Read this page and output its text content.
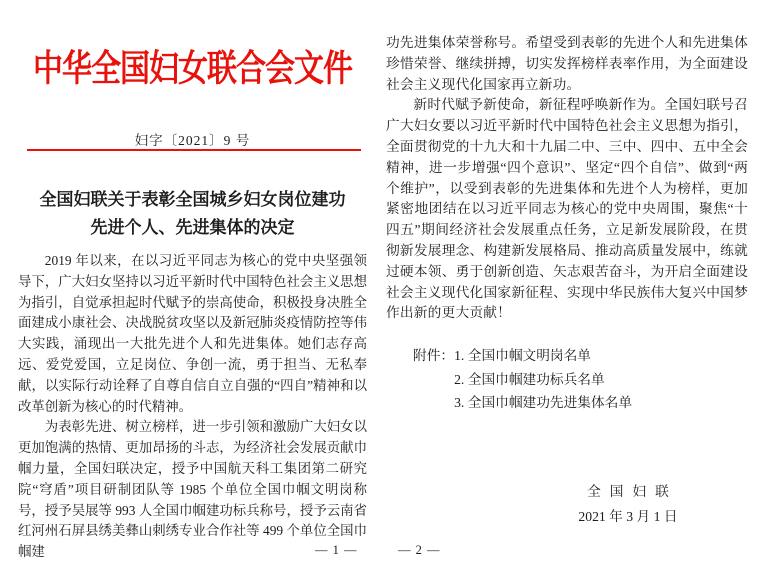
中华全国妇女联合会文件
妇字〔2021〕9 号
全国妇联关于表彰全国城乡妇女岗位建功
先进个人、先进集体的决定

2019 年以来，在以习近平同志为核心的党中央坚强领导下，广大妇女坚持以习近平新时代中国特色社会主义思想为指引，自觉承担起时代赋予的崇高使命，积极投身决胜全面建成小康社会、决战脱贫攻坚以及新冠肺炎疫情防控等伟大实践，涌现出一大批先进个人和先进集体。她们志存高远、爱党爱国，立足岗位、争创一流，勇于担当、无私奉献，以实际行动诠释了自尊自信自立自强的“四自”精神和以改革创新为核心的时代精神。

为表彰先进、树立榜样，进一步引领和激励广大妇女以更加饱满的热情、更加昂扬的斗志，为经济社会发展贡献巾帼力量，全国妇联决定，授予中国航天科工集团第二研究院“穹盾”项目研制团队等 1985 个单位全国巾帼文明岗称号，授予吴展等 993 人全国巾帼建功标兵称号，授予云南省红河州石屏县绣美彝山刺绣专业合作社等 499 个单位全国巾帼建	— 1 —

功先进集体荣誉称号。希望受到表彰的先进个人和先进集体珍惜荣誉、继续拼搏，切实发挥榜样表率作用，为全面建设社会主义现代化国家再立新功。

新时代赋予新使命，新征程呼唤新作为。全国妇联号召广大妇女要以习近平新时代中国特色社会主义思想为指引，全面贯彻党的十九大和十九届二中、三中、四中、五中全会精神，进一步增强“四个意识”、坚定“四个自信”、做到“两个维护”，以受到表彰的先进集体和先进个人为榜样，更加紧密地团结在以习近平同志为核心的党中央周围，聚焦“十四五”期间经济社会发展重点任务，立足新发展阶段，在贯彻新发展理念、构建新发展格局、推动高质量发展中，练就过硬本领、勇于创新创造、矢志艰苦奋斗，为开启全面建设社会主义现代化国家新征程、实现中华民族伟大复兴中国梦作出新的更大贡献！

附件： 1. 全国巾帼文明岗名单
2. 全国巾帼建功标兵名单
3. 全国巾帼建功先进集体名单
全国妇联
2021 年 3 月 1 日
— 2 —
